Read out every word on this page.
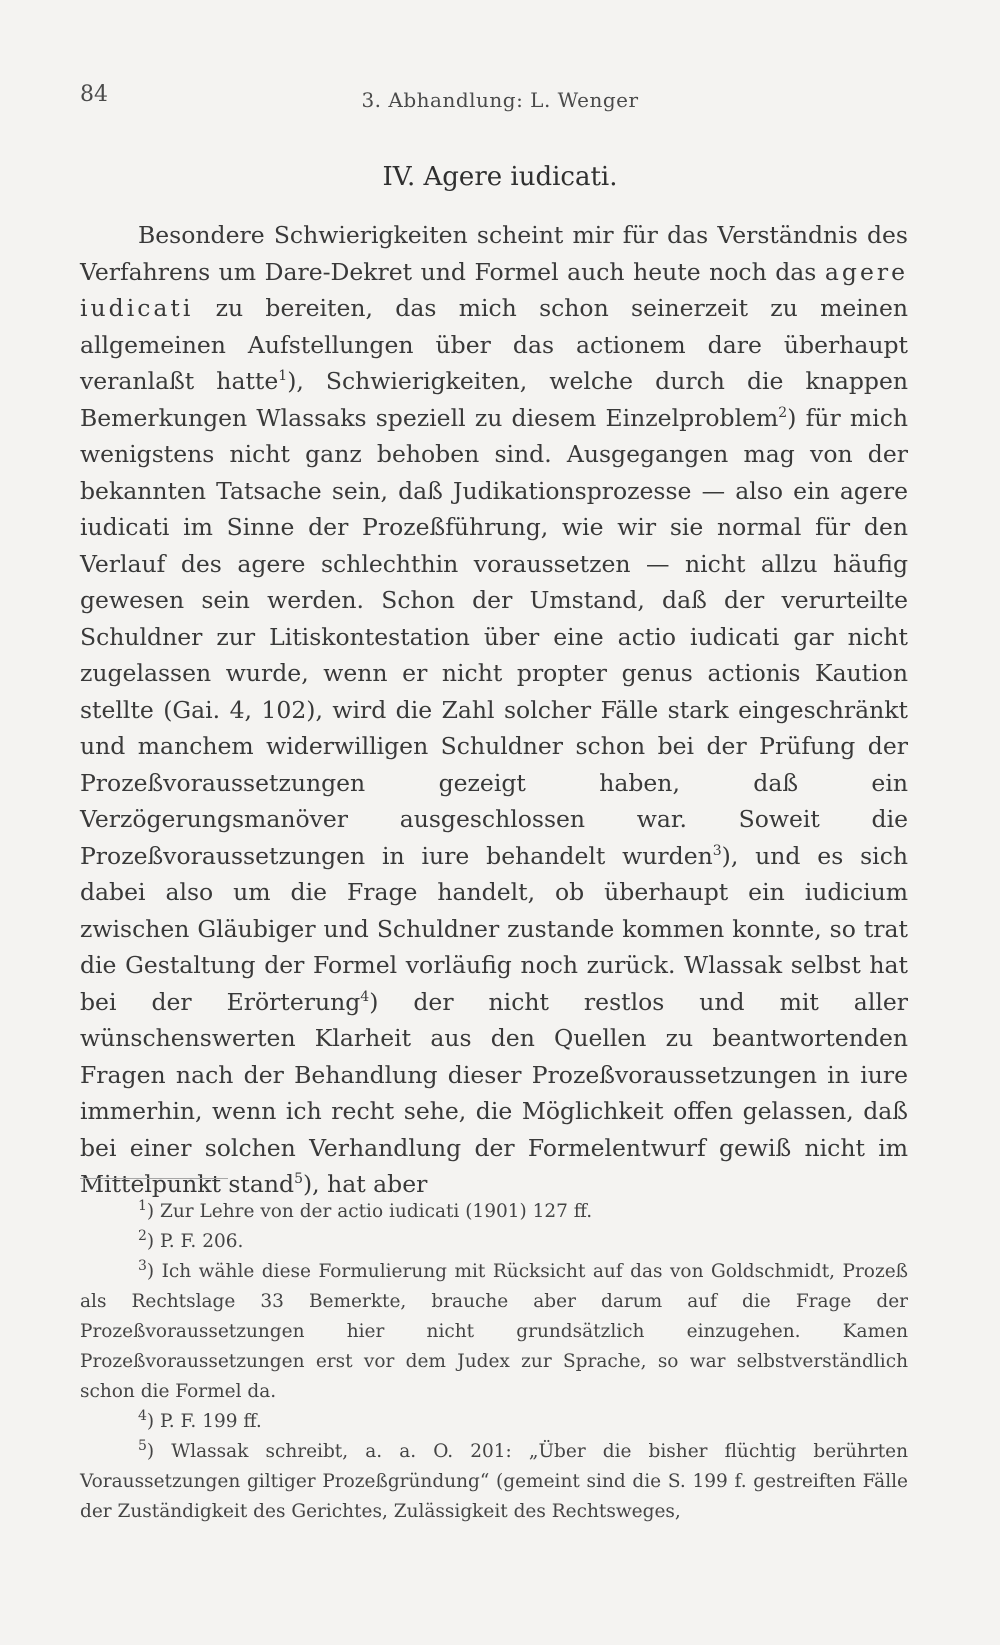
84	3. Abhandlung: L. Wenger
IV. Agere iudicati.

Besondere Schwierigkeiten scheint mir für das Verständnis des Verfahrens um Dare-Dekret und Formel auch heute noch das agere iudicati zu bereiten, das mich schon seinerzeit zu meinen allgemeinen Aufstellungen über das actionem dare überhaupt veranlaßt hatte$^1$), Schwierigkeiten, welche durch die knappen Bemerkungen Wlassaks speziell zu diesem Einzelproblem$^2$) für mich wenigstens nicht ganz behoben sind. Ausgegangen mag von der bekannten Tatsache sein, daß Judikationsprozesse — also ein agere iudicati im Sinne der Prozeßführung, wie wir sie normal für den Verlauf des agere schlechthin voraussetzen — nicht allzu häufig gewesen sein werden. Schon der Umstand, daß der verurteilte Schuldner zur Litiskontestation über eine actio iudicati gar nicht zugelassen wurde, wenn er nicht propter genus actionis Kaution stellte (Gai. 4, 102), wird die Zahl solcher Fälle stark eingeschränkt und manchem widerwilligen Schuldner schon bei der Prüfung der Prozeßvoraussetzungen gezeigt haben, daß ein Verzögerungsmanöver ausgeschlossen war. Soweit die Prozeßvoraussetzungen in iure behandelt wurden$^3$), und es sich dabei also um die Frage handelt, ob überhaupt ein iudicium zwischen Gläubiger und Schuldner zustande kommen konnte, so trat die Gestaltung der Formel vorläufig noch zurück. Wlassak selbst hat bei der Erörterung$^4$) der nicht restlos und mit aller wünschenswerten Klarheit aus den Quellen zu beantwortenden Fragen nach der Behandlung dieser Prozeßvoraussetzungen in iure immerhin, wenn ich recht sehe, die Möglichkeit offen gelassen, daß bei einer solchen Verhandlung der Formelentwurf gewiß nicht im Mittelpunkt stand$^5$), hat aber

$^1$) Zur Lehre von der actio iudicati (1901) 127 ff.

$^2$) P. F. 206.

$^3$) Ich wähle diese Formulierung mit Rücksicht auf das von Goldschmidt, Prozeß als Rechtslage 33 Bemerkte, brauche aber darum auf die Frage der Prozeßvoraussetzungen hier nicht grundsätzlich einzugehen. Kamen Prozeßvoraussetzungen erst vor dem Judex zur Sprache, so war selbstverständlich schon die Formel da.

$^4$) P. F. 199 ff.

$^5$) Wlassak schreibt, a. a. O. 201: „Über die bisher flüchtig berührten Voraussetzungen giltiger Prozeßgründung“ (gemeint sind die S. 199 f. gestreiften Fälle der Zuständigkeit des Gerichtes, Zulässigkeit des Rechtsweges,
